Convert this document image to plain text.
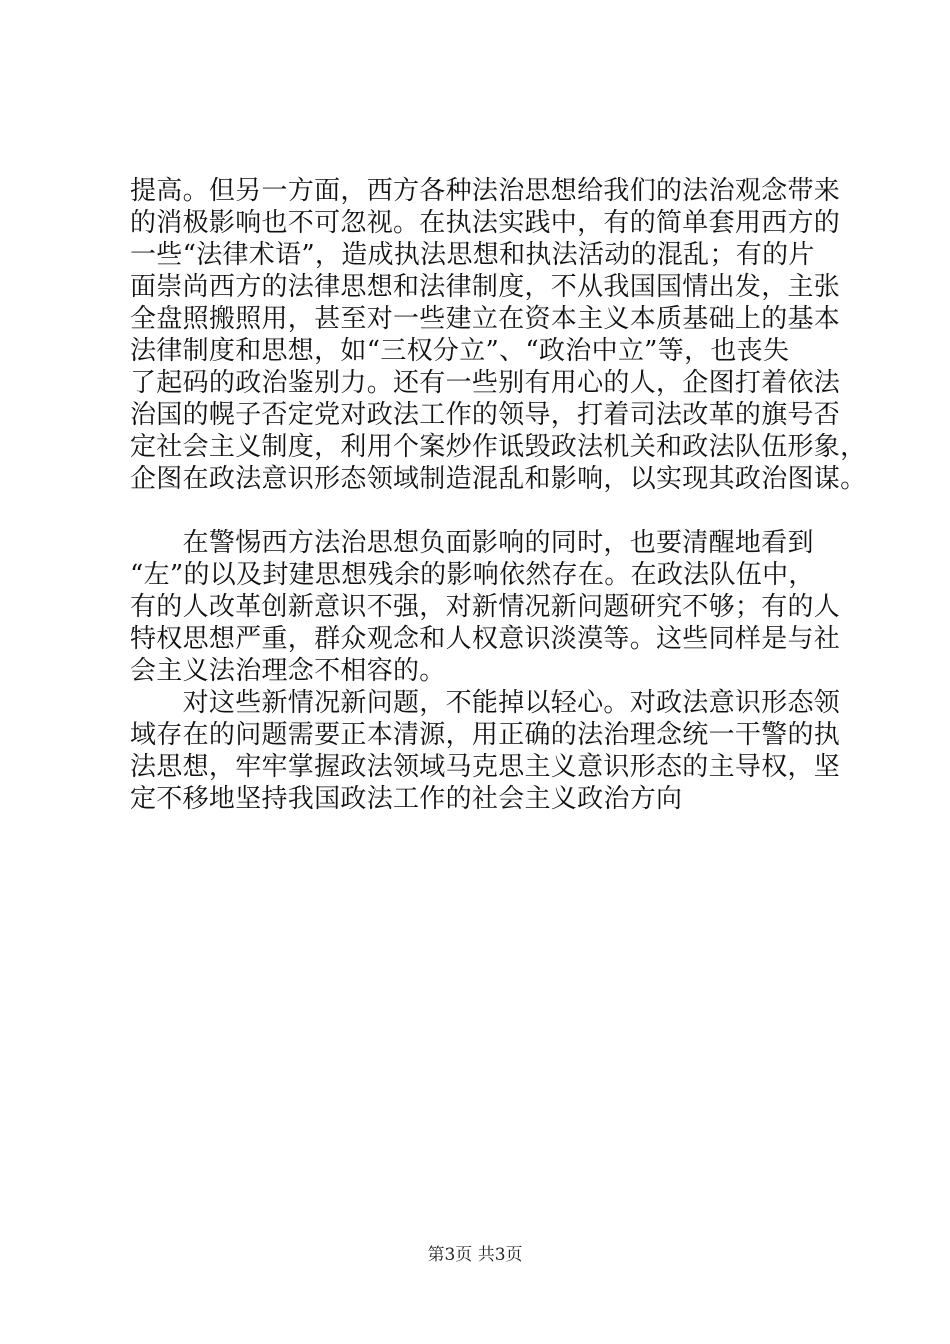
提高。但另一方面，西方各种法治思想给我们的法治观念带来
的消极影响也不可忽视。在执法实践中，有的简单套用西方的
一些“法律术语”，造成执法思想和执法活动的混乱；有的片
面崇尚西方的法律思想和法律制度，不从我国国情出发，主张
全盘照搬照用，甚至对一些建立在资本主义本质基础上的基本
法律制度和思想，如“三权分立”、“政治中立”等，也丧失
了起码的政治鉴别力。还有一些别有用心的人，企图打着依法
治国的幌子否定党对政法工作的领导，打着司法改革的旗号否
定社会主义制度，利用个案炒作诋毁政法机关和政法队伍形象，
企图在政法意识形态领域制造混乱和影响，以实现其政治图谋。
　　在警惕西方法治思想负面影响的同时，也要清醒地看到
“左”的以及封建思想残余的影响依然存在。在政法队伍中，
有的人改革创新意识不强，对新情况新问题研究不够；有的人
特权思想严重，群众观念和人权意识淡漠等。这些同样是与社
会主义法治理念不相容的。
　　对这些新情况新问题，不能掉以轻心。对政法意识形态领
域存在的问题需要正本清源，用正确的法治理念统一干警的执
法思想，牢牢掌握政法领域马克思主义意识形态的主导权，坚
定不移地坚持我国政法工作的社会主义政治方向
第3页 共3页
